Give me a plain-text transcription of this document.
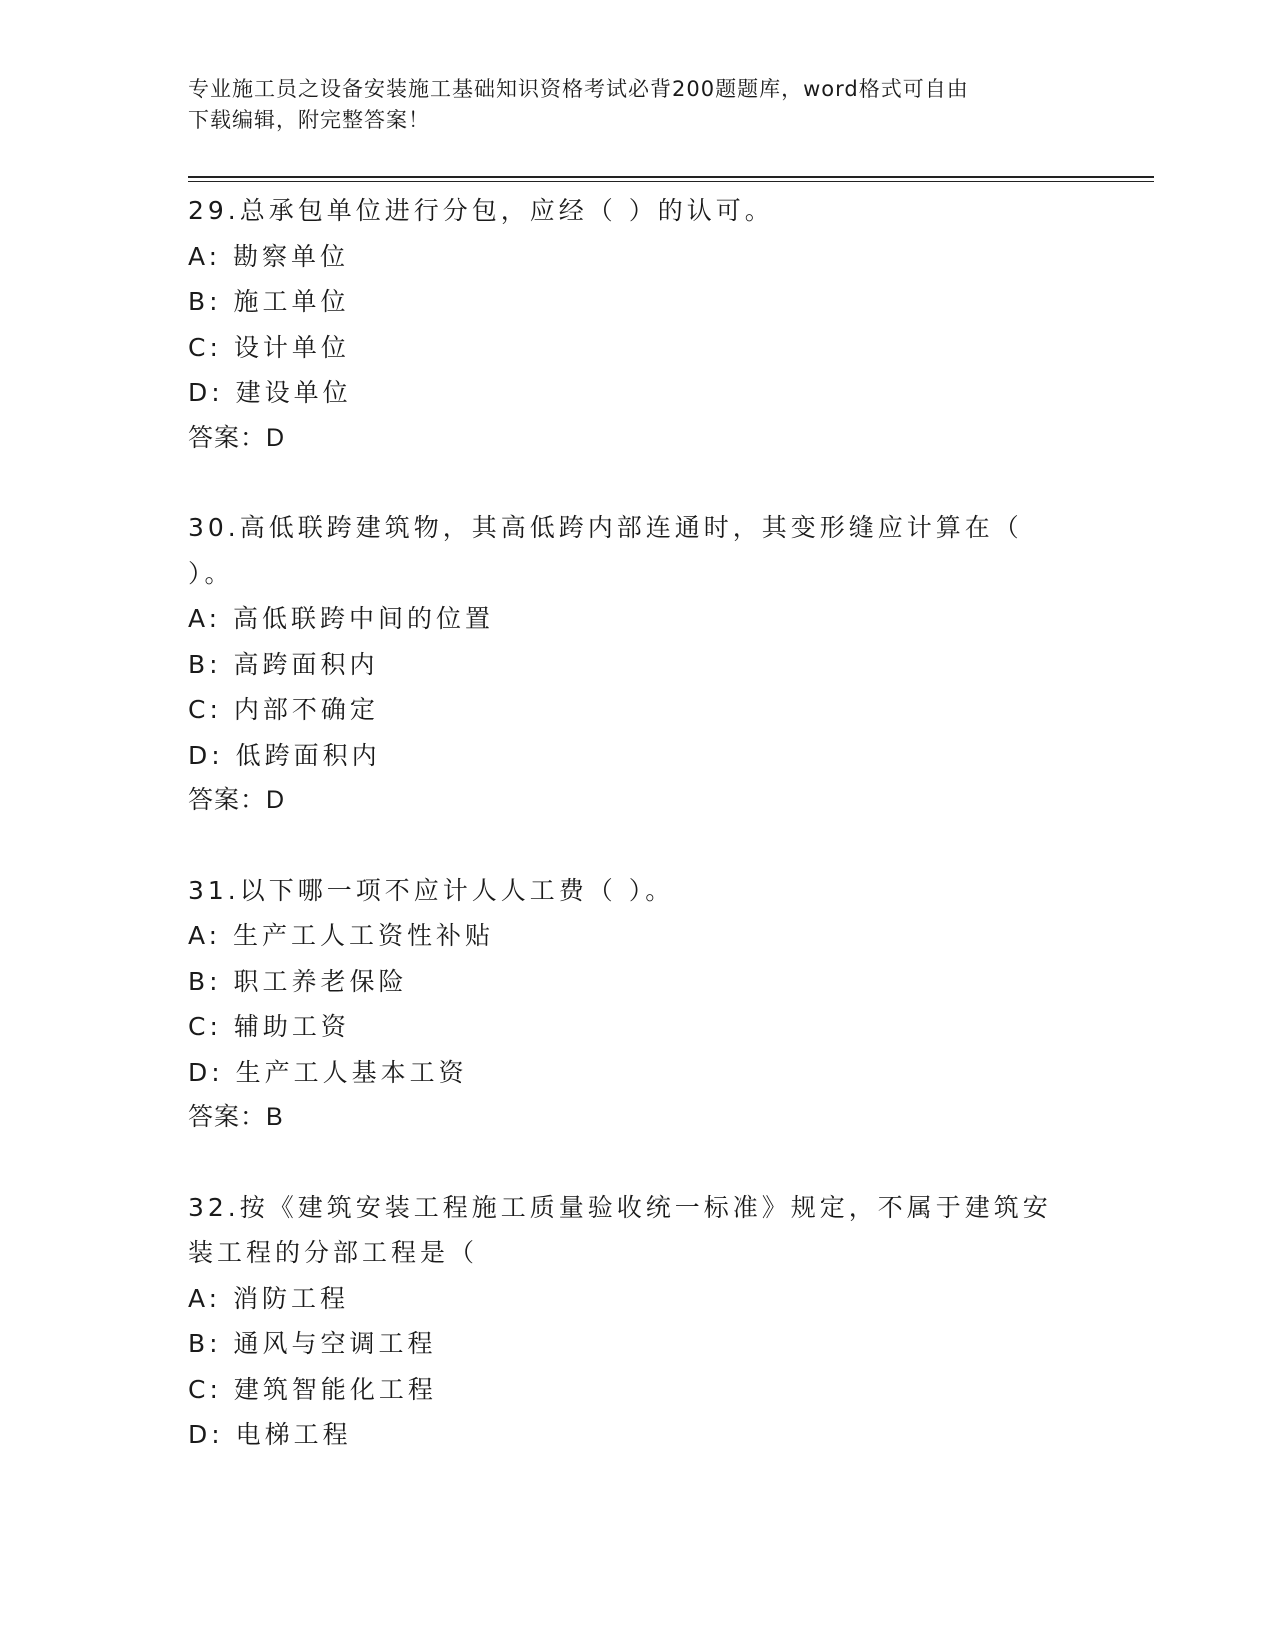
专业施工员之设备安装施工基础知识资格考试必背200题题库，word格式可自由
下载编辑，附完整答案！
29.总承包单位进行分包，应经（ ）的认可。
A: 勘察单位
B: 施工单位
C: 设计单位
D: 建设单位
答案：D
30.高低联跨建筑物，其高低跨内部连通时，其变形缝应计算在（ ）。
A: 高低联跨中间的位置
B: 高跨面积内
C: 内部不确定
D: 低跨面积内
答案：D
31.以下哪一项不应计人人工费（ ）。
A: 生产工人工资性补贴
B: 职工养老保险
C: 辅助工资
D: 生产工人基本工资
答案：B
32.按《建筑安装工程施工质量验收统一标准》规定，不属于建筑安装工程的分部工程是（
A: 消防工程
B: 通风与空调工程
C: 建筑智能化工程
D: 电梯工程
